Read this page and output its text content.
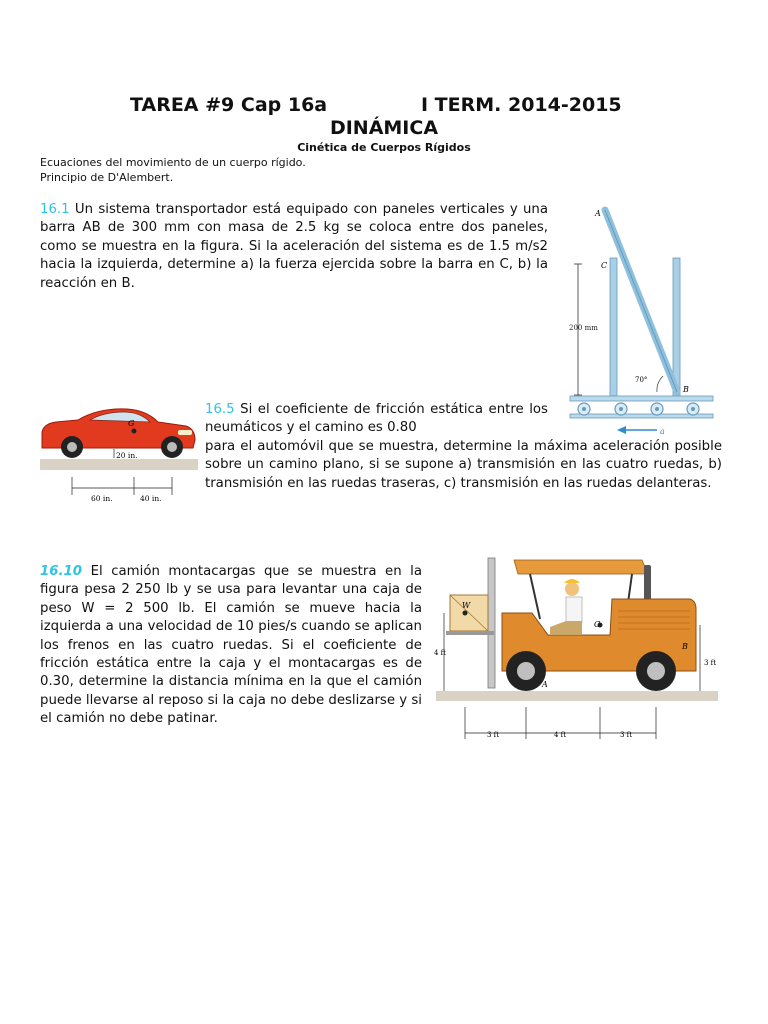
TAREA #9 Cap 16a	I TERM. 2014-2015
DINÁMICA
Cinética de Cuerpos Rígidos
Ecuaciones del movimiento de un cuerpo rígido.
Principio de D'Alembert.
16.1 Un sistema transportador está equipado con paneles verticales y una barra AB de 300 mm con masa de 2.5 kg se coloca entre dos paneles, como se muestra en la figura. Si la aceleración del sistema es de 1.5 m/s2 hacia la izquierda, determine a) la fuerza ejercida sobre la barra en C, b) la reacción en B.
200 mm
70°
A
C
B
a
G
20 in.
60 in.	40 in.
16.5 Si el coeficiente de fricción estática entre los neumáticos y el camino es 0.80
para el automóvil que se muestra, determine la máxima aceleración posible sobre un camino plano, si se supone a) transmisión en las cuatro ruedas, b) transmisión en las ruedas traseras, c) transmisión en las ruedas delanteras.
16.10 El camión montacargas que se muestra en la figura pesa 2 250 lb y se usa para levantar una caja de peso W = 2 500 lb. El camión se mueve hacia la izquierda a una velocidad de 10 pies/s cuando se aplican los frenos en las cuatro ruedas. Si el coeficiente de fricción estática entre la caja y el montacargas es de 0.30, determine la distancia mínima en la que el camión puede llevarse al reposo si la caja no debe deslizarse y si el camión no debe patinar.
W
C
A
B
4 ft
3 ft
3 ft	4 ft	3 ft
